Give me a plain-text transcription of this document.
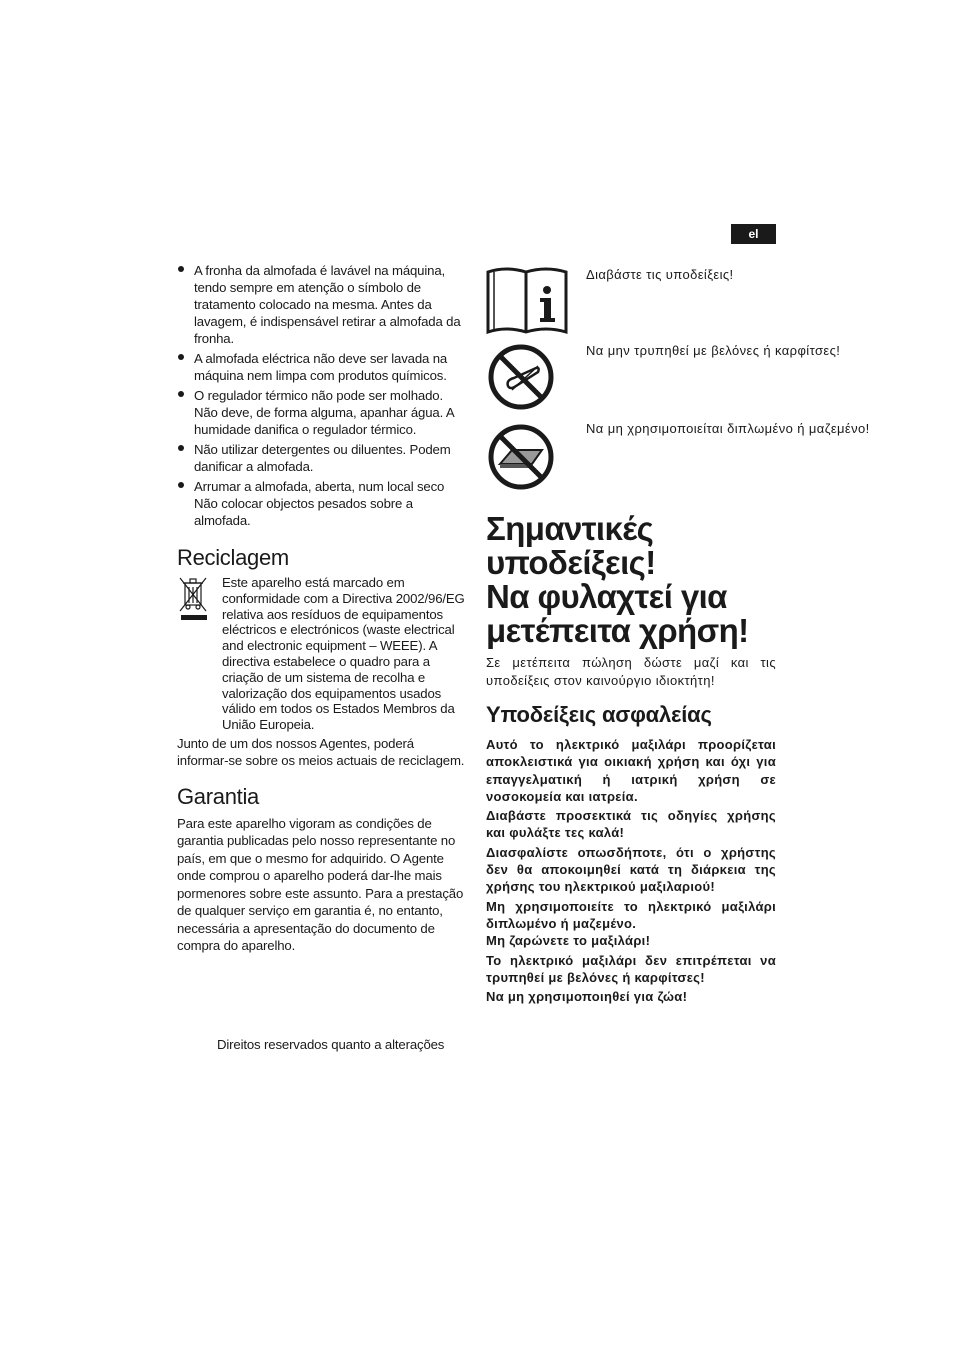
el
A fronha da almofada é lavável na máquina, tendo sempre em atenção o símbolo de tratamento colocado na mesma. Antes da lavagem, é indispensável retirar a almofada da fronha.
A almofada eléctrica não deve ser lavada na máquina nem limpa com produtos químicos.
O regulador térmico não pode ser molhado. Não deve, de forma alguma, apanhar água. A humidade danifica o regulador térmico.
Não utilizar detergentes ou diluentes. Podem danificar a almofada.
Arrumar a almofada, aberta, num local seco Não colocar objectos pesados sobre a almofada.
Reciclagem
Este aparelho está marcado em conformidade com a Directiva 2002/96/EG relativa aos resíduos de equipamentos eléctricos e electrónicos (waste electrical and electronic equipment – WEEE). A directiva estabelece o quadro para a criação de um sistema de recolha e valorização dos equipamentos usados válido em todos os Estados Membros da União Europeia.
Junto de um dos nossos Agentes, poderá informar-se sobre os meios actuais de reciclagem.
Garantia
Para este aparelho vigoram as condições de garantia publicadas pelo nosso representante no país, em que o mesmo for adquirido. O Agente onde comprou o aparelho poderá dar-lhe mais pormenores sobre este assunto. Para a prestação de qualquer serviço em garantia é, no entanto, necessária a apresentação do documento de compra do aparelho.
Direitos reservados quanto a alterações
Διαβάστε τις υποδείξεις!
Να μην τρυπηθεί με βελόνες ή καρφίτσες!
Να μη χρησιμοποιείται διπλωμένο ή μαζεμένο!
Σημαντικές
υποδείξεις!
Να φυλαχτεί για
μετέπειτα χρήση!
Σε μετέπειτα πώληση δώστε μαζί και τις υποδείξεις στον καινούργιο ιδιοκτήτη!
Υποδείξεις ασφαλείας

Αυτό το ηλεκτρικό μαξιλάρι προορίζεται αποκλειστικά για οικιακή χρήση και όχι για επαγγελματική ή ιατρική χρήση σε νοσοκομεία και ιατρεία.

Διαβάστε προσεκτικά τις οδηγίες χρήσης και φυλάξτε τες καλά!

Διασφαλίστε οπωσδήποτε, ότι ο χρήστης δεν θα αποκοιμηθεί κατά τη διάρκεια της χρήσης του ηλεκτρικού μαξιλαριού!

Μη χρησιμοποιείτε το ηλεκτρικό μαξιλάρι διπλωμένο ή μαζεμένο.

Μη ζαρώνετε το μαξιλάρι!

Το ηλεκτρικό μαξιλάρι δεν επιτρέπεται να τρυπηθεί με βελόνες ή καρφίτσες!

Να μη χρησιμοποιηθεί για ζώα!
